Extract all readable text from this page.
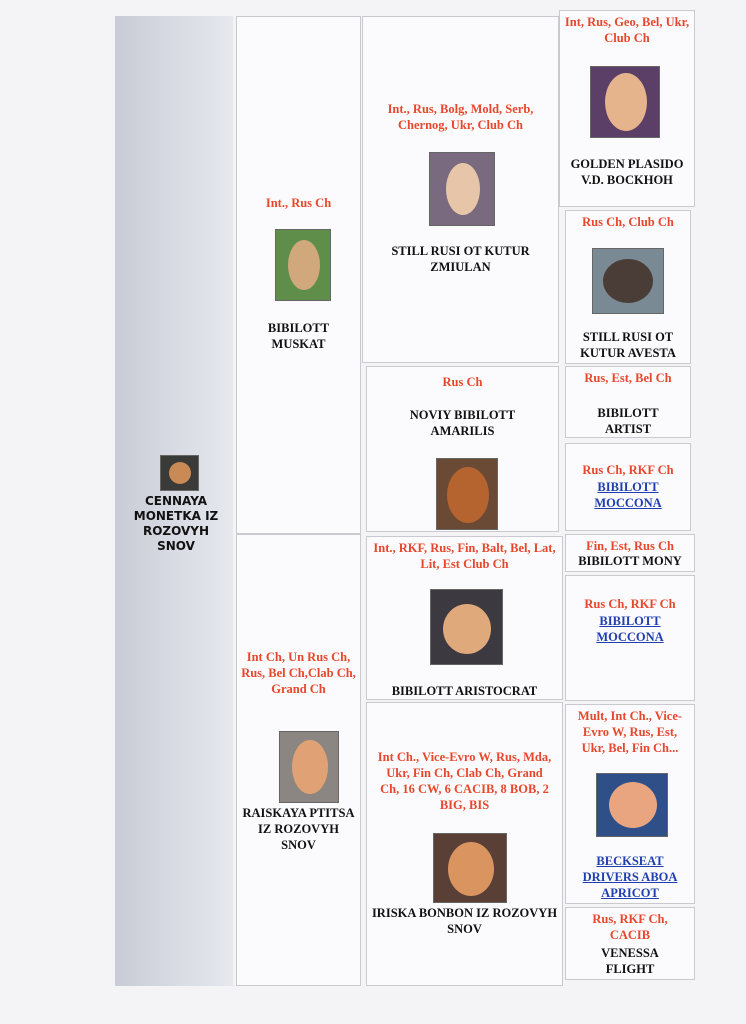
CENNAYA MONETKA IZ ROZOVYH SNOV
Int., Rus Ch
BIBILOTT MUSKAT
Int Ch, Un Rus Ch, Rus, Bel Ch,Clab Ch, Grand Ch
RAISKAYA PTITSA IZ ROZOVYH SNOV
Int., Rus, Bolg, Mold, Serb, Chernog, Ukr, Club Ch
STILL RUSI OT KUTUR ZMIULAN
Rus Ch
NOVIY BIBILOTT AMARILIS
Int., RKF, Rus, Fin, Balt, Bel, Lat, Lit, Est Club Ch
BIBILOTT ARISTOCRAT
Int Ch., Vice-Evro W, Rus, Mda, Ukr, Fin Ch, Clab Ch, Grand Ch, 16 CW, 6 CACIB, 8 BOB, 2 BIG, BIS
IRISKA BONBON IZ ROZOVYH SNOV
Int, Rus, Geo, Bel, Ukr, Club Ch
GOLDEN PLASIDO V.D. BOCKHOH
Rus Ch, Club Ch
STILL RUSI OT KUTUR AVESTA
Rus, Est, Bel Ch
BIBILOTT ARTIST
Rus Ch, RKF Ch
BIBILOTT MOCCONA
Fin, Est, Rus Ch
BIBILOTT MONY
Rus Ch, RKF Ch
BIBILOTT MOCCONA
Mult, Int Ch., Vice-Evro W, Rus, Est, Ukr, Bel, Fin Ch...
BECKSEAT DRIVERS ABOA APRICOT
Rus, RKF Ch, CACIB
VENESSA FLIGHT
